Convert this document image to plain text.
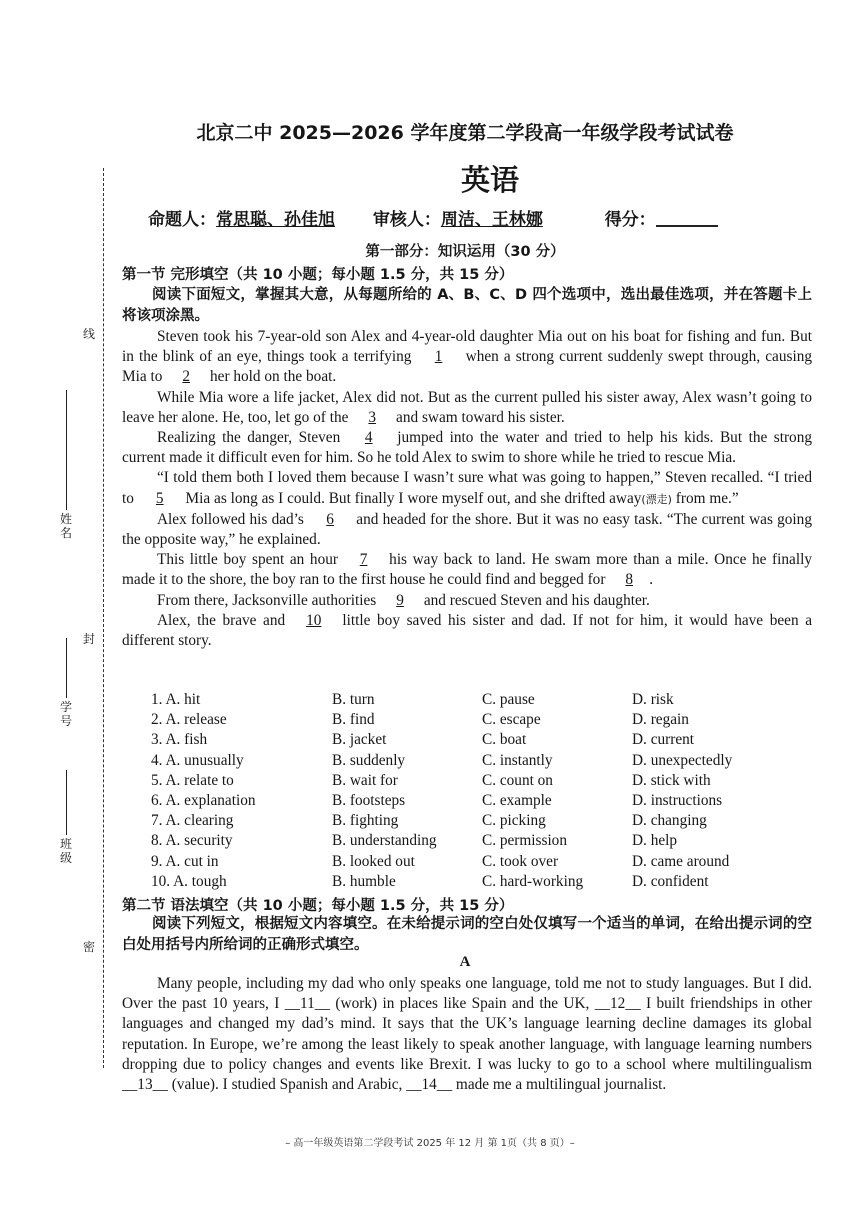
线
封
密
姓名
学号
班级
北京二中 2025—2026 学年度第二学段高一年级学段考试试卷
英语
命题人：常思聪、孙佳旭 审核人：周洁、王林娜	得分：
第一部分：知识运用（30 分）
第一节 完形填空（共 10 小题；每小题 1.5 分，共 15 分）
阅读下面短文，掌握其大意，从每题所给的 A、B、C、D 四个选项中，选出最佳选项，并在答题卡上将该项涂黑。

Steven took his 7-year-old son Alex and 4-year-old daughter Mia out on his boat for fishing and fun. But in the blink of an eye, things took a terrifying 1 when a strong current suddenly swept through, causing Mia to 2 her hold on the boat.

While Mia wore a life jacket, Alex did not. But as the current pulled his sister away, Alex wasn’t going to leave her alone. He, too, let go of the 3 and swam toward his sister.

Realizing the danger, Steven 4 jumped into the water and tried to help his kids. But the strong current made it difficult even for him. So he told Alex to swim to shore while he tried to rescue Mia.

“I told them both I loved them because I wasn’t sure what was going to happen,” Steven recalled. “I tried to 5 Mia as long as I could. But finally I wore myself out, and she drifted away(漂走) from me.”

Alex followed his dad’s 6 and headed for the shore. But it was no easy task. “The current was going the opposite way,” he explained.

This little boy spent an hour 7 his way back to land. He swam more than a mile. Once he finally made it to the shore, the boy ran to the first house he could find and begged for 8 .

From there, Jacksonville authorities 9 and rescued Steven and his daughter.

Alex, the brave and 10 little boy saved his sister and dad. If not for him, it would have been a different story.

1. A. hit	B. turn	C. pause	D. risk
2. A. release	B. find	C. escape	D. regain
3. A. fish	B. jacket	C. boat	D. current
4. A. unusually	B. suddenly	C. instantly	D. unexpectedly
5. A. relate to	B. wait for	C. count on	D. stick with
6. A. explanation	B. footsteps	C. example	D. instructions
7. A. clearing	B. fighting	C. picking	D. changing
8. A. security	B. understanding	C. permission	D. help
9. A. cut in	B. looked out	C. took over	D. came around
10. A. tough	B. humble	C. hard-working	D. confident
第二节 语法填空（共 10 小题；每小题 1.5 分，共 15 分）
阅读下列短文，根据短文内容填空。在未给提示词的空白处仅填写一个适当的单词，在给出提示词的空白处用括号内所给词的正确形式填空。
A

Many people, including my dad who only speaks one language, told me not to study languages. But I did. Over the past 10 years, I __11__ (work) in places like Spain and the UK, __12__ I built friendships in other languages and changed my dad’s mind. It says that the UK’s language learning decline damages its global reputation. In Europe, we’re among the least likely to speak another language, with language learning numbers dropping due to policy changes and events like Brexit. I was lucky to go to a school where multilingualism __13__ (value). I studied Spanish and Arabic, __14__ made me a multilingual journalist.

– 高一年级英语第二学段考试 2025 年 12 月 第 1页（共 8 页）–
